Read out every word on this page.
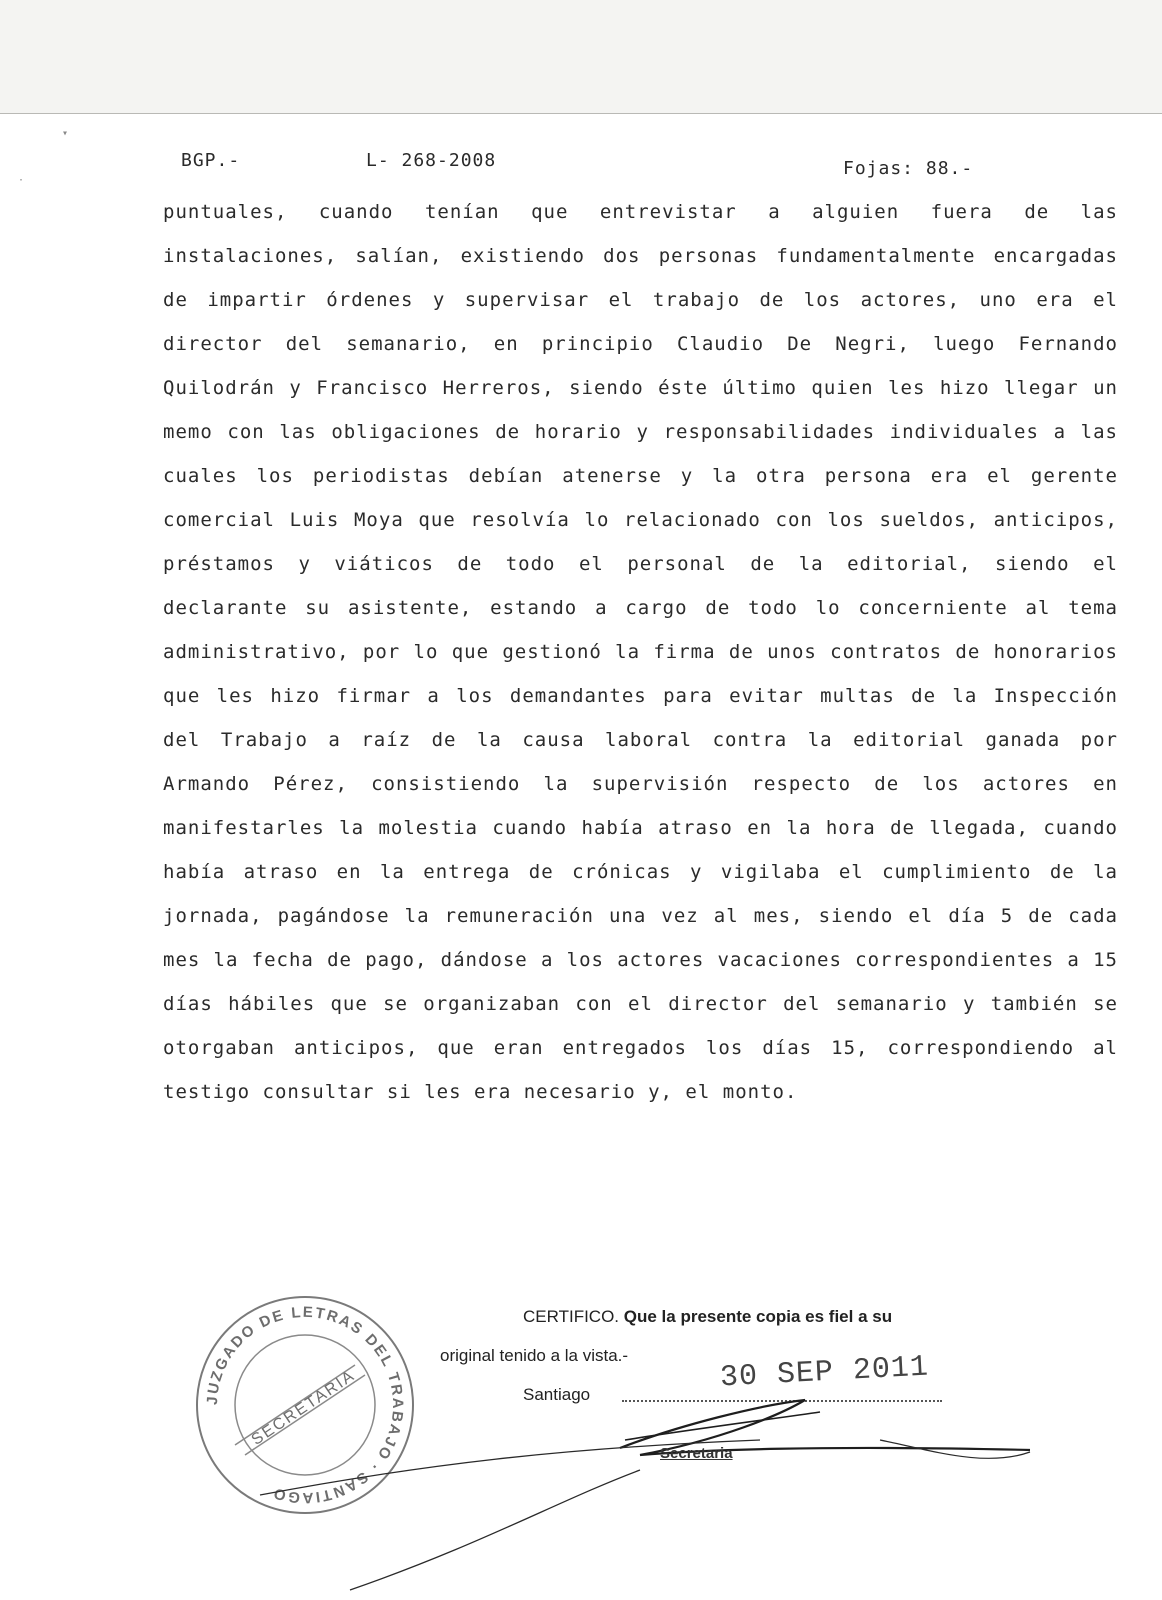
▾
·
BGP.-	L- 268-2008	Fojas: 88.-

puntuales, cuando tenían que entrevistar a alguien fuera de las instalaciones, salían, existiendo dos personas fundamentalmente encargadas de impartir órdenes y supervisar el trabajo de los actores, uno era el director del semanario, en principio Claudio De Negri, luego Fernando Quilodrán y Francisco Herreros, siendo éste último quien les hizo llegar un memo con las obligaciones de horario y responsabilidades individuales a las cuales los periodistas debían atenerse y la otra persona era el gerente comercial Luis Moya que resolvía lo relacionado con los sueldos, anticipos, préstamos y viáticos de todo el personal de la editorial, siendo el declarante su asistente, estando a cargo de todo lo concerniente al tema administrativo, por lo que gestionó la firma de unos contratos de honorarios que les hizo firmar a los demandantes para evitar multas de la Inspección del Trabajo a raíz de la causa laboral contra la editorial ganada por Armando Pérez, consistiendo la supervisión respecto de los actores en manifestarles la molestia cuando había atraso en la hora de llegada, cuando había atraso en la entrega de crónicas y vigilaba el cumplimiento de la jornada, pagándose la remuneración una vez al mes, siendo el día 5 de cada mes la fecha de pago, dándose a los actores vacaciones correspondientes a 15 días hábiles que se organizaban con el director del semanario y también se otorgaban anticipos, que eran entregados los días 15, correspondiendo al testigo consultar si les era necesario y, el monto.

JUZGADO DE LETRAS DEL TRABAJO · SANTIAGO
SECRETARIA
CERTIFICO. Que la presente copia es fiel a su
original tenido a la vista.-
Santiago	30 SEP 2011
Secretaria
